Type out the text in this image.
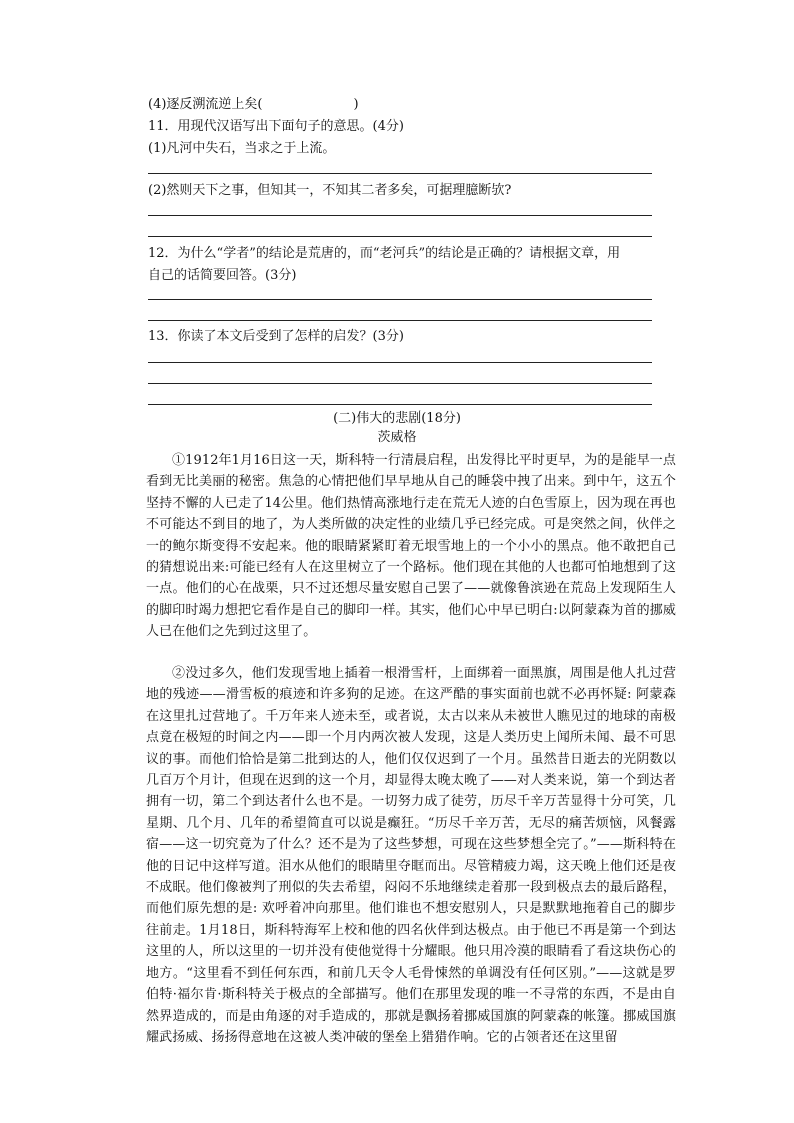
(4)逐反溯流逆上矣(　　　　　　　)
11．用现代汉语写出下面句子的意思。(4分)
(1)凡河中失石，当求之于上流。
(2)然则天下之事，但知其一，不知其二者多矣，可据理臆断欤?
12．为什么“学者”的结论是荒唐的，而“老河兵”的结论是正确的？请根据文章，用
自己的话简要回答。(3分)
13．你读了本文后受到了怎样的启发？(3分)
(二)伟大的悲剧(18分)
茨威格
①1912年1月16日这一天，斯科特一行清晨启程，出发得比平时更早，为的是能早一点看到无比美丽的秘密。焦急的心情把他们早早地从自己的睡袋中拽了出来。到中午，这五个坚持不懈的人已走了14公里。他们热情高涨地行走在荒无人迹的白色雪原上，因为现在再也不可能达不到目的地了，为人类所做的决定性的业绩几乎已经完成。可是突然之间，伙伴之一的鲍尔斯变得不安起来。他的眼睛紧紧盯着无垠雪地上的一个小小的黑点。他不敢把自己的猜想说出来:可能已经有人在这里树立了一个路标。他们现在其他的人也都可怕地想到了这一点。他们的心在战栗，只不过还想尽量安慰自己罢了——就像鲁滨逊在荒岛上发现陌生人的脚印时竭力想把它看作是自己的脚印一样。其实，他们心中早已明白:以阿蒙森为首的挪威人已在他们之先到过这里了。
②没过多久，他们发现雪地上插着一根滑雪杆，上面绑着一面黑旗，周围是他人扎过营地的残迹——滑雪板的痕迹和许多狗的足迹。在这严酷的事实面前也就不必再怀疑: 阿蒙森在这里扎过营地了。千万年来人迹未至，或者说，太古以来从未被世人瞧见过的地球的南极点竟在极短的时间之内——即一个月内两次被人发现，这是人类历史上闻所未闻、最不可思议的事。而他们恰恰是第二批到达的人，他们仅仅迟到了一个月。虽然昔日逝去的光阴数以几百万个月计，但现在迟到的这一个月，却显得太晚太晚了——对人类来说，第一个到达者拥有一切，第二个到达者什么也不是。一切努力成了徒劳，历尽千辛万苦显得十分可笑，几星期、几个月、几年的希望简直可以说是癫狂。“历尽千辛万苦，无尽的痛苦烦恼，风餐露宿——这一切究竟为了什么？还不是为了这些梦想，可现在这些梦想全完了。”——斯科特在他的日记中这样写道。泪水从他们的眼睛里夺眶而出。尽管精疲力竭，这天晚上他们还是夜不成眠。他们像被判了刑似的失去希望，闷闷不乐地继续走着那一段到极点去的最后路程，而他们原先想的是: 欢呼着冲向那里。他们谁也不想安慰别人，只是默默地拖着自己的脚步往前走。1月18日，斯科特海军上校和他的四名伙伴到达极点。由于他已不再是第一个到达这里的人，所以这里的一切并没有使他觉得十分耀眼。他只用冷漠的眼睛看了看这块伤心的地方。“这里看不到任何东西，和前几天令人毛骨悚然的单调没有任何区别。”——这就是罗伯特·福尔肯·斯科特关于极点的全部描写。他们在那里发现的唯一不寻常的东西，不是由自然界造成的，而是由角逐的对手造成的，那就是飘扬着挪威国旗的阿蒙森的帐篷。挪威国旗耀武扬威、扬扬得意地在这被人类冲破的堡垒上猎猎作响。它的占领者还在这里留
